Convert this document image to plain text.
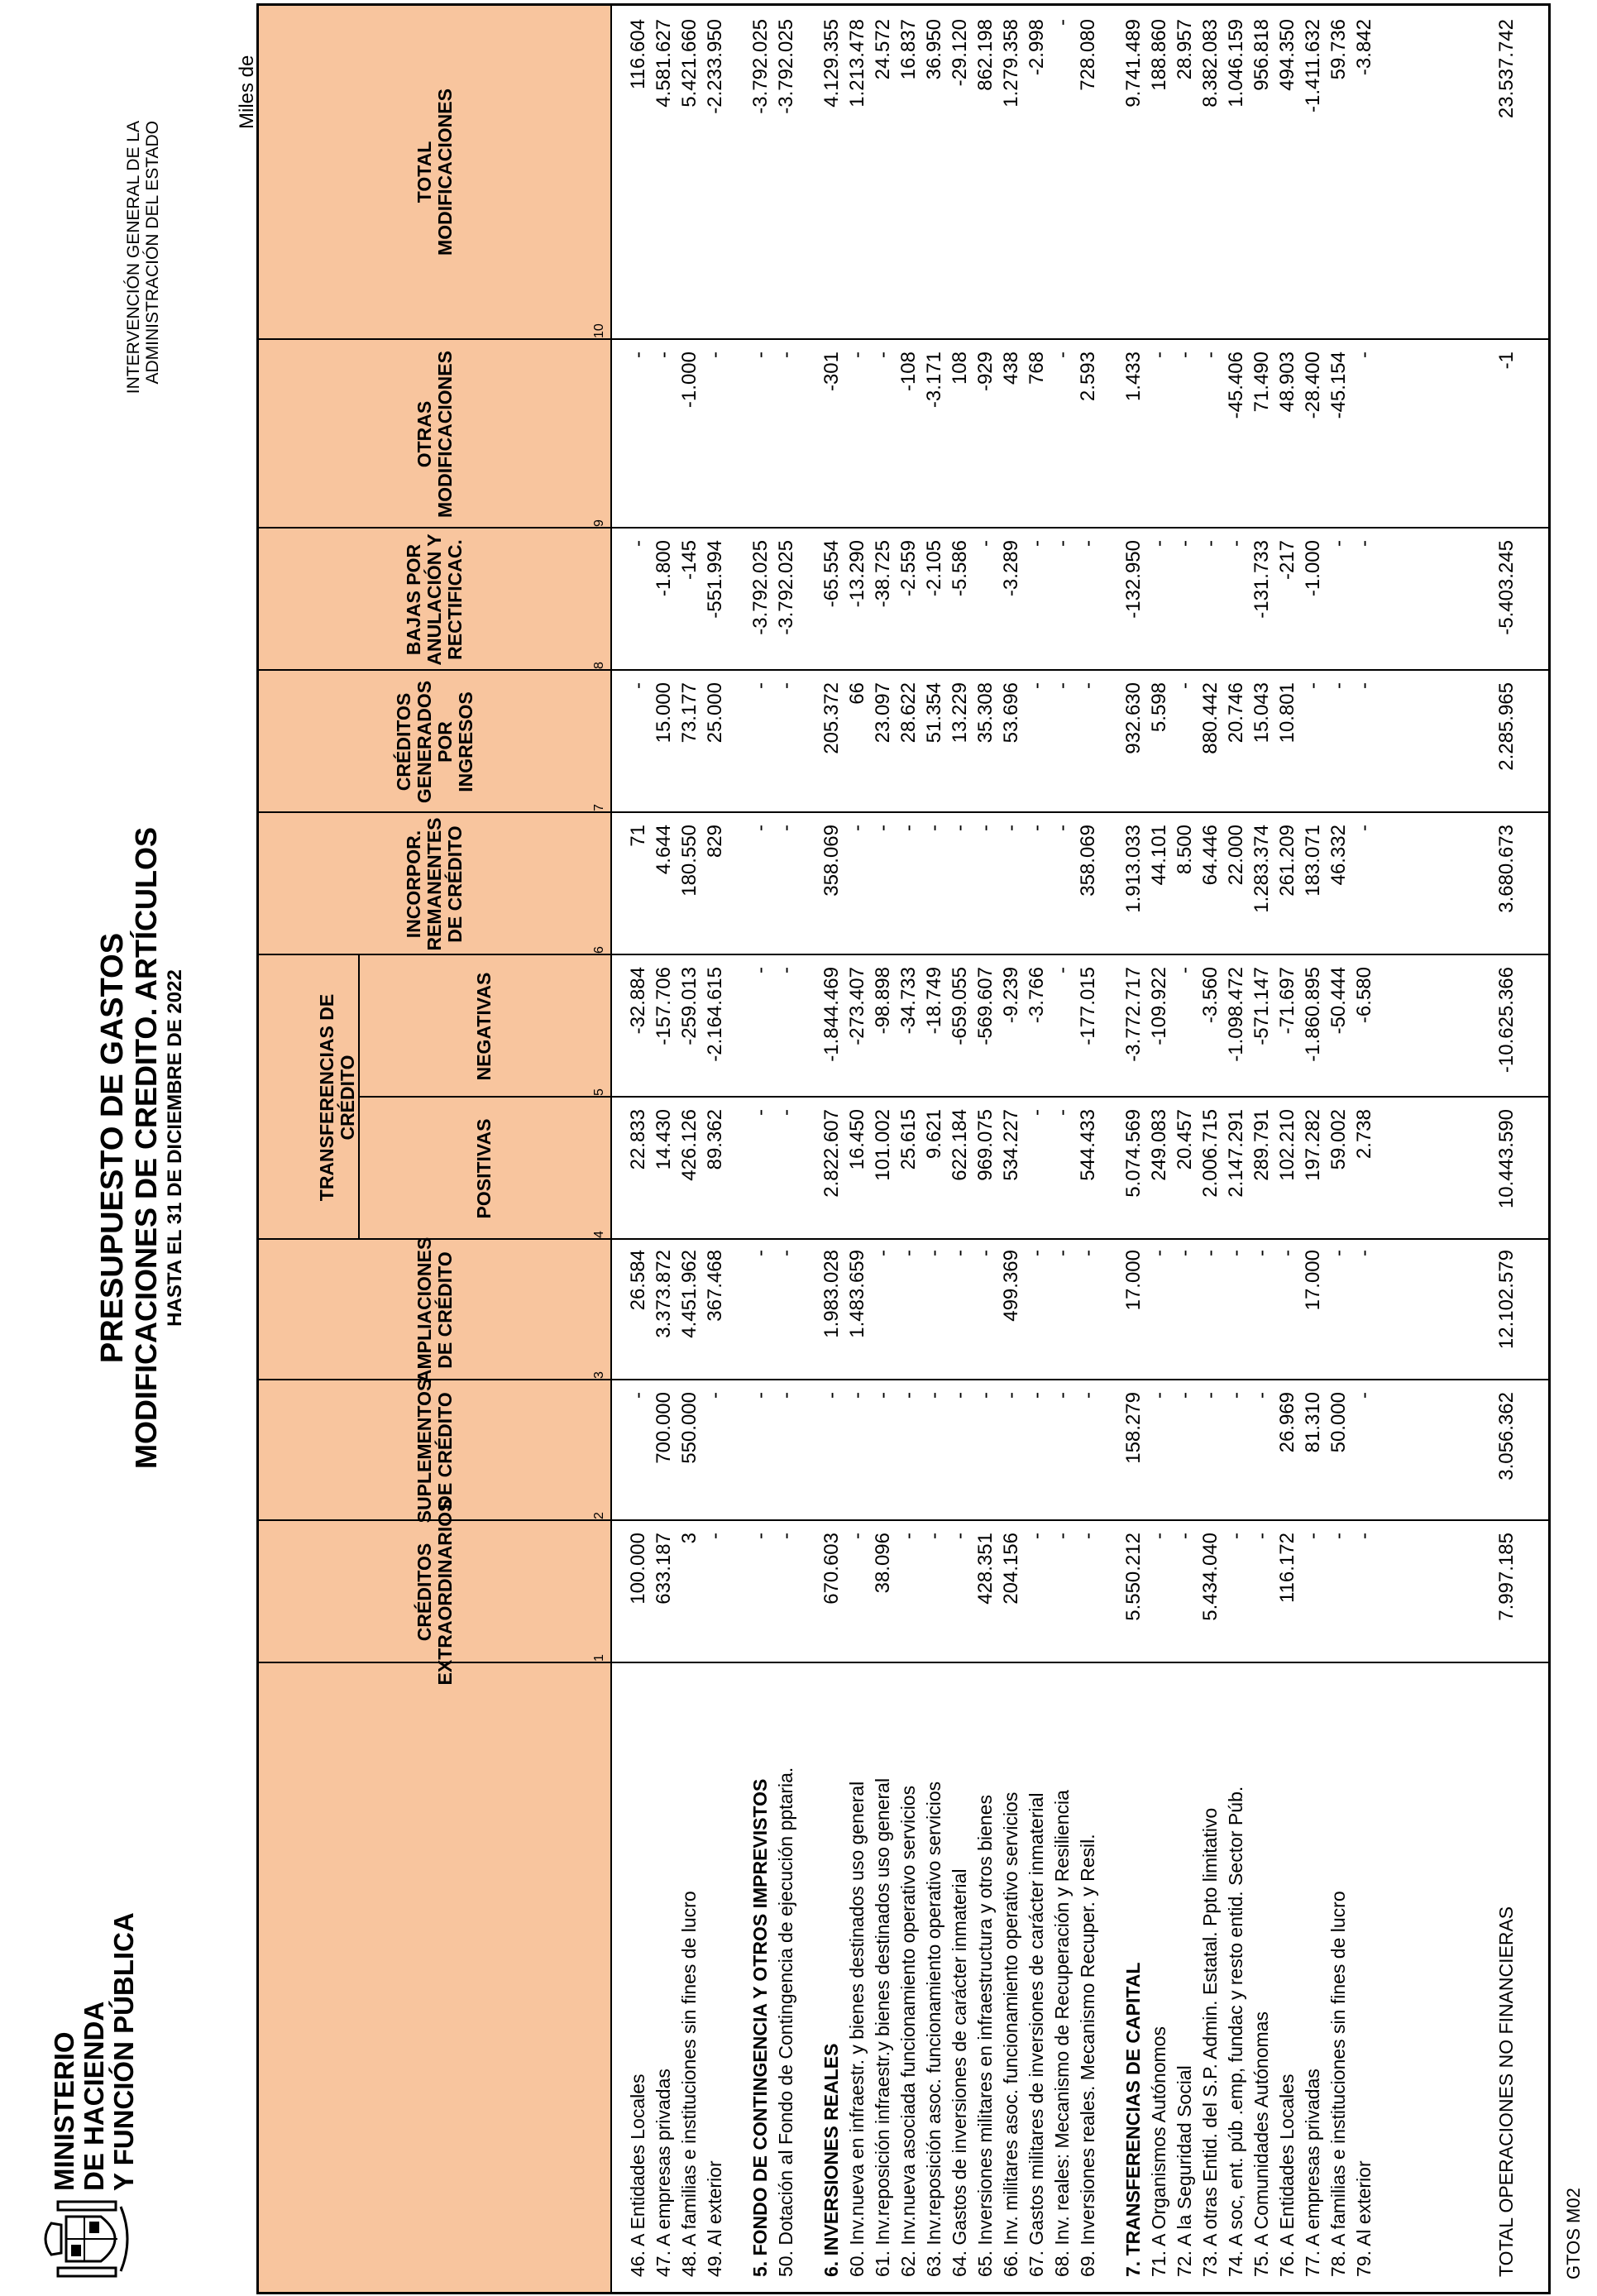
MINISTERIO DE HACIENDA Y FUNCIÓN PÚBLICA
PRESUPUESTO DE GASTOS MODIFICACIONES DE CREDITO. ARTÍCULOS HASTA EL 31 DE DICIEMBRE DE 2022
INTERVENCIÓN GENERAL DE LA ADMINISTRACIÓN DEL ESTADO
Miles de
CRÉDITOS EXTRAORDINARIOS
SUPLEMENTOS DE CRÉDITO
AMPLIACIONES DE CRÉDITO
TRANSFERENCIAS DE CRÉDITO
POSITIVAS
NEGATIVAS
INCORPOR. REMANENTES DE CRÉDITO
CRÉDITOS GENERADOS POR INGRESOS
BAJAS POR ANULACIÓN Y RECTIFICAC.
OTRAS MODIFICACIONES
TOTAL MODIFICACIONES
1
2
3
4
5
6
7
8
9
10
46. A Entidades Locales
100.000
-
26.584
22.833
-32.884
71
-
-
-
116.604
47. A empresas privadas
633.187
700.000
3.373.872
14.430
-157.706
4.644
15.000
-1.800
-
4.581.627
48. A familias e instituciones sin fines de lucro
3
550.000
4.451.962
426.126
-259.013
180.550
73.177
-145
-1.000
5.421.660
49. Al exterior
-
-
367.468
89.362
-2.164.615
829
25.000
-551.994
-
-2.233.950
5. FONDO DE CONTINGENCIA Y OTROS IMPREVISTOS
-
-
-
-
-
-
-
-3.792.025
-
-3.792.025
50. Dotación al Fondo de Contingencia de ejecución pptaria.
-
-
-
-
-
-
-
-3.792.025
-
-3.792.025
6. INVERSIONES REALES
670.603
-
1.983.028
2.822.607
-1.844.469
358.069
205.372
-65.554
-301
4.129.355
60. Inv.nueva en infraestr. y bienes destinados uso general
-
-
1.483.659
16.450
-273.407
-
66
-13.290
-
1.213.478
61. Inv.reposición infraestr.y bienes destinados uso general
38.096
-
-
101.002
-98.898
-
23.097
-38.725
-
24.572
62. Inv.nueva asociada funcionamiento operativo servicios
-
-
-
25.615
-34.733
-
28.622
-2.559
-108
16.837
63. Inv.reposición asoc. funcionamiento operativo servicios
-
-
-
9.621
-18.749
-
51.354
-2.105
-3.171
36.950
64. Gastos de inversiones de carácter inmaterial
-
-
-
622.184
-659.055
-
13.229
-5.586
108
-29.120
65. Inversiones militares en infraestructura y otros bienes
428.351
-
-
969.075
-569.607
-
35.308
-
-929
862.198
66. Inv. militares asoc. funcionamiento operativo servicios
204.156
-
499.369
534.227
-9.239
-
53.696
-3.289
438
1.279.358
67. Gastos militares de inversiones de carácter inmaterial
-
-
-
-
-3.766
-
-
-
768
-2.998
68. Inv. reales: Mecanismo de Recuperación y Resiliencia
-
-
-
-
-
-
-
-
-
-
69. Inversiones reales. Mecanismo Recuper. y Resil.
-
-
-
544.433
-177.015
358.069
-
-
2.593
728.080
7. TRANSFERENCIAS DE CAPITAL
5.550.212
158.279
17.000
5.074.569
-3.772.717
1.913.033
932.630
-132.950
1.433
9.741.489
71. A Organismos Autónomos
-
-
-
249.083
-109.922
44.101
5.598
-
-
188.860
72. A la Seguridad Social
-
-
-
20.457
-
8.500
-
-
-
28.957
73. A otras Entid. del S.P. Admin. Estatal. Ppto limitativo
5.434.040
-
-
2.006.715
-3.560
64.446
880.442
-
-
8.382.083
74. A soc, ent. púb .emp, fundac y resto entid. Sector Púb.
-
-
-
2.147.291
-1.098.472
22.000
20.746
-
-45.406
1.046.159
75. A Comunidades Autónomas
-
-
-
289.791
-571.147
1.283.374
15.043
-131.733
71.490
956.818
76. A Entidades Locales
116.172
26.969
-
102.210
-71.697
261.209
10.801
-217
48.903
494.350
77. A empresas privadas
-
81.310
17.000
197.282
-1.860.895
183.071
-
-1.000
-28.400
-1.411.632
78. A familias e instituciones sin fines de lucro
-
50.000
-
59.002
-50.444
46.332
-
-
-45.154
59.736
79. Al exterior
-
-
-
2.738
-6.580
-
-
-
-
-3.842
TOTAL OPERACIONES NO FINANCIERAS
7.997.185
3.056.362
12.102.579
10.443.590
-10.625.366
3.680.673
2.285.965
-5.403.245
-1
23.537.742
GTOS M02
